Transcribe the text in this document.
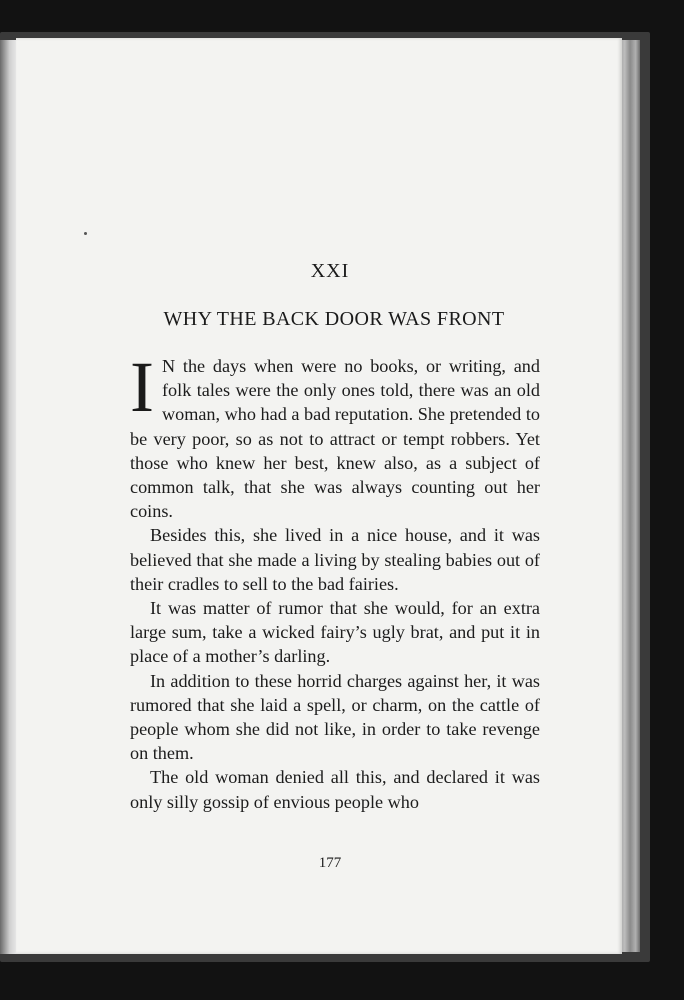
XXI
WHY THE BACK DOOR WAS FRONT

I N the days when were no books, or writing, and folk tales were the only ones told, there was an old woman, who had a bad reputation. She pretended to be very poor, so as not to attract or tempt robbers. Yet those who knew her best, knew also, as a subject of common talk, that she was always counting out her coins.

Besides this, she lived in a nice house, and it was believed that she made a living by stealing babies out of their cradles to sell to the bad fairies.

It was matter of rumor that she would, for an extra large sum, take a wicked fairy’s ugly brat, and put it in place of a mother’s darling.

In addition to these horrid charges against her, it was rumored that she laid a spell, or charm, on the cattle of people whom she did not like, in order to take revenge on them.

The old woman denied all this, and declared it was only silly gossip of envious people who

177
